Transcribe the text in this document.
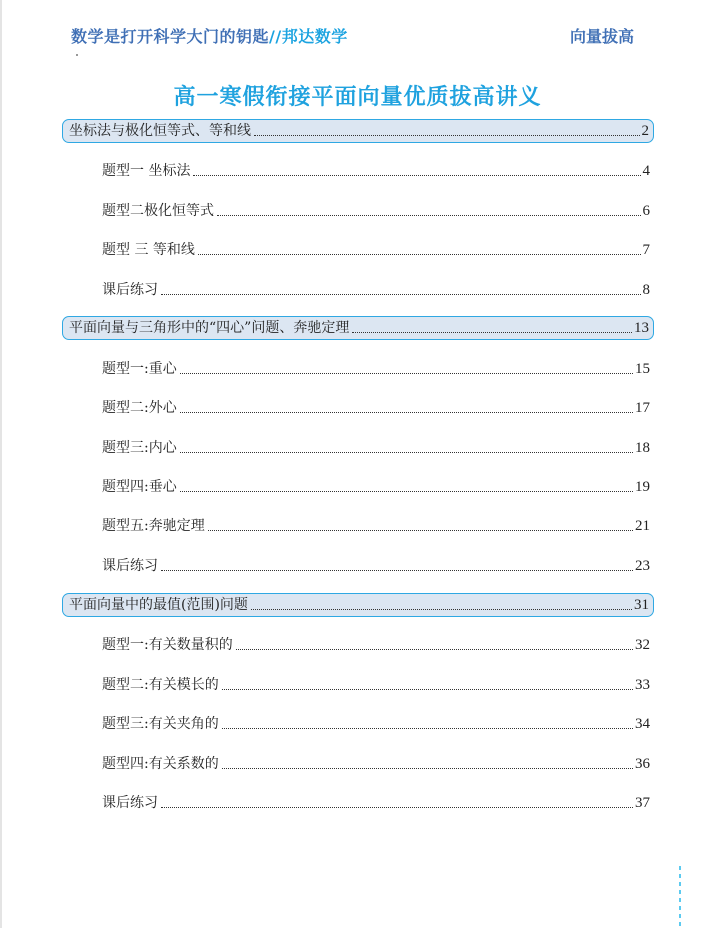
数学是打开科学大门的钥匙//邦达数学	向量拔高
高一寒假衔接平面向量优质拔高讲义
坐标法与极化恒等式、等和线	2
题型一 坐标法	4
题型二极化恒等式	6
题型 三 等和线	7
课后练习	8
平面向量与三角形中的“四心”问题、奔驰定理	13
题型一:重心	15
题型二:外心	17
题型三:内心	18
题型四:垂心	19
题型五:奔驰定理	21
课后练习	23
平面向量中的最值(范围)问题	31
题型一:有关数量积的	32
题型二:有关模长的	33
题型三:有关夹角的	34
题型四:有关系数的	36
课后练习	37
